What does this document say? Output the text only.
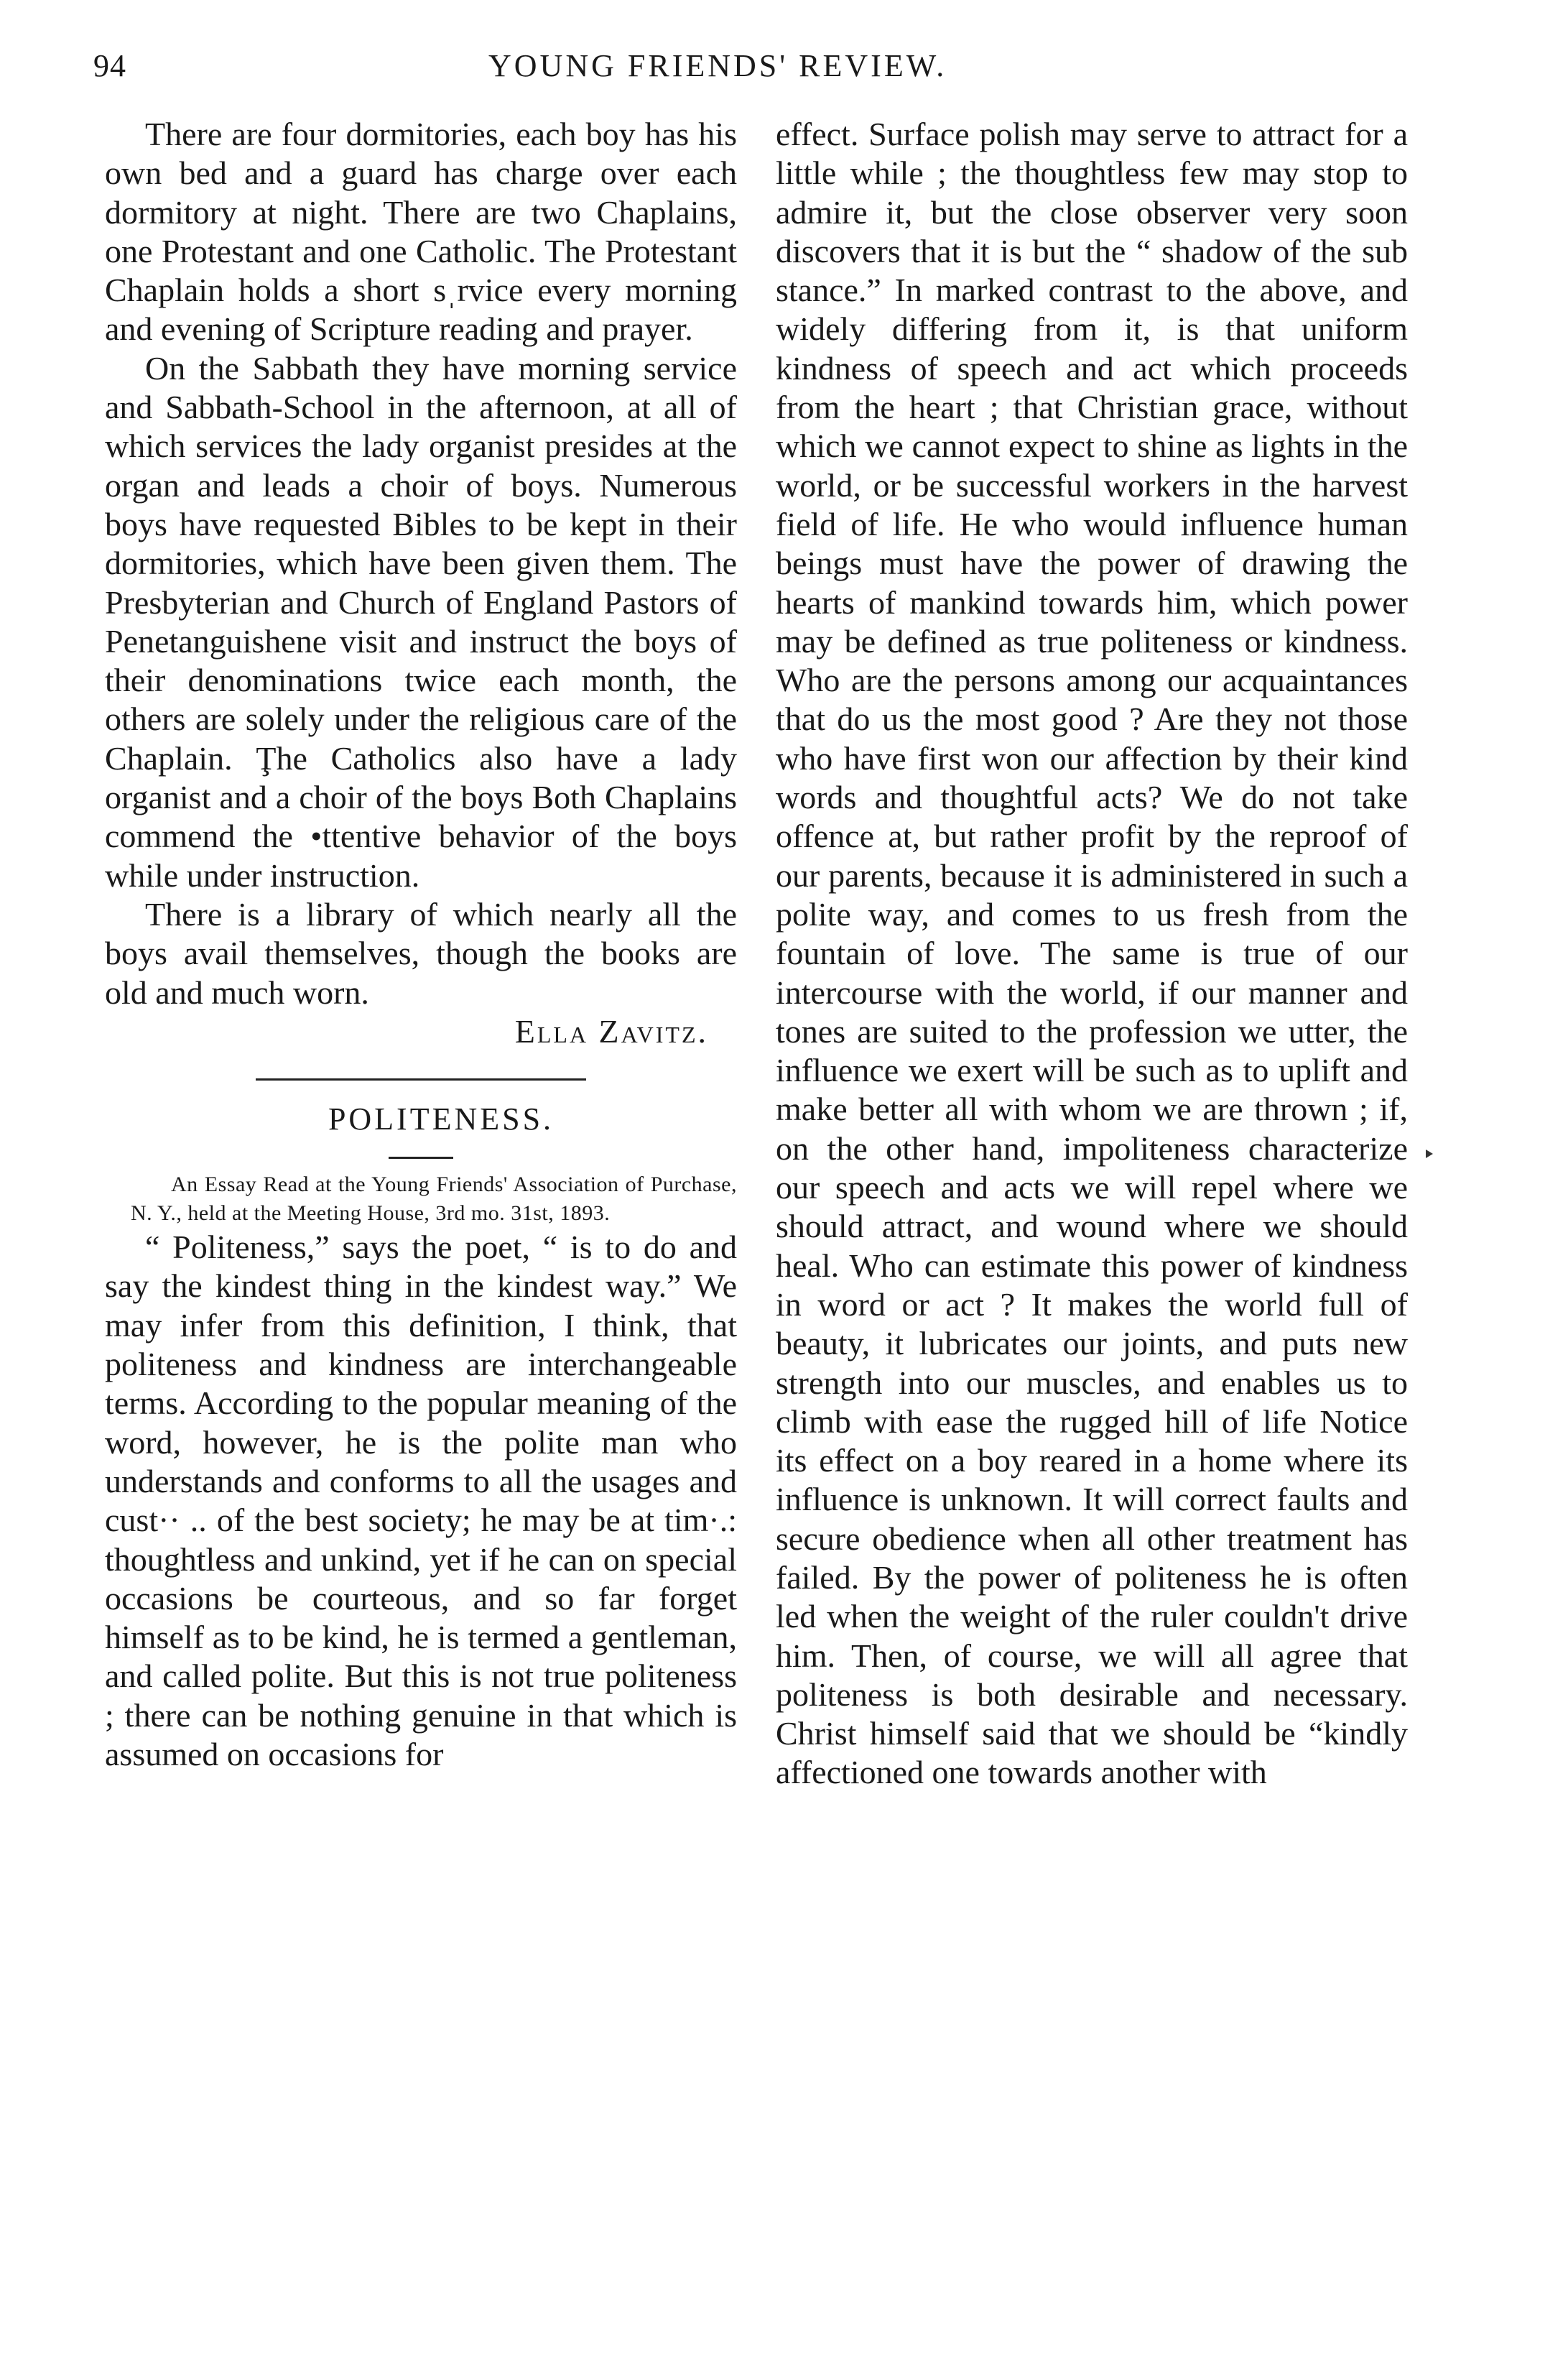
94	YOUNG FRIENDS' REVIEW.

There are four dormitories, each boy has his own bed and a guard has charge over each dormitory at night. There are two Chaplains, one Protestant and one Catholic. The Protestant Chaplain holds a short sˌrvice every morning and evening of Scripture reading and prayer.

On the Sabbath they have morning service and Sabbath-School in the afternoon, at all of which services the lady organist presides at the organ and leads a choir of boys. Numerous boys have requested Bibles to be kept in their dormitories, which have been given them. The Presbyterian and Church of England Pastors of Penetanguishene visit and instruct the boys of their denominations twice each month, the others are solely under the religious care of the Chaplain. Ţhe Catholics also have a lady organist and a choir of the boys Both Chaplains commend the •ttentive behavior of the boys while under instruction.

There is a library of which nearly all the boys avail themselves, though the books are old and much worn.

Ella Zavitz.

POLITENESS.

An Essay Read at the Young Friends' Association of Purchase, N. Y., held at the Meeting House, 3rd mo. 31st, 1893.

“ Politeness,” says the poet, “ is to do and say the kindest thing in the kindest way.” We may infer from this definition, I think, that politeness and kindness are interchangeable terms. According to the popular meaning of the word, however, he is the polite man who understands and conforms to all the usages and cust·· .. of the best society; he may be at tim·.: thoughtless and unkind, yet if he can on special occasions be courteous, and so far forget himself as to be kind, he is termed a gentleman, and called polite. But this is not true politeness ; there can be nothing genuine in that which is assumed on occasions for

effect. Surface polish may serve to attract for a little while ; the thoughtless few may stop to admire it, but the close observer very soon discovers that it is but the “ shadow of the sub stance.” In marked contrast to the above, and widely differing from it, is that uniform kindness of speech and act which proceeds from the heart ; that Christian grace, without which we cannot expect to shine as lights in the world, or be successful workers in the harvest field of life. He who would influence human beings must have the power of drawing the hearts of mankind towards him, which power may be defined as true politeness or kindness. Who are the persons among our acquaintances that do us the most good ? Are they not those who have first won our affection by their kind words and thoughtful acts? We do not take offence at, but rather profit by the reproof of our parents, because it is administered in such a polite way, and comes to us fresh from the fountain of love. The same is true of our intercourse with the world, if our manner and tones are suited to the profession we utter, the influence we exert will be such as to uplift and make better all with whom we are thrown ; if, on the other hand, impoliteness characterize our speech and acts we will repel where we should attract, and wound where we should heal. Who can estimate this power of kindness in word or act ? It makes the world full of beauty, it lubricates our joints, and puts new strength into our muscles, and enables us to climb with ease the rugged hill of life Notice its effect on a boy reared in a home where its influence is unknown. It will correct faults and secure obedience when all other treatment has failed. By the power of politeness he is often led when the weight of the ruler couldn't drive him. Then, of course, we will all agree that politeness is both desirable and necessary. Christ himself said that we should be “kindly affectioned one towards another with
